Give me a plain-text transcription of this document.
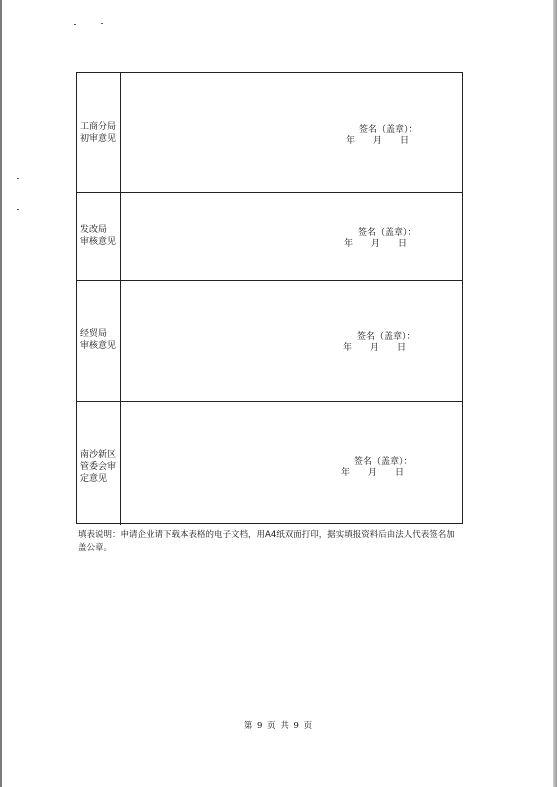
工商分局
初审意见
签名（盖章）：
年　　月　　日
发改局
审核意见
签名（盖章）：
年　　月　　日
经贸局
审核意见
签名（盖章）：
年　　月　　日
南沙新区
管委会审
定意见
签名（盖章）：
年　　月　　日
填表说明：申请企业请下载本表格的电子文档，用A4纸双面打印，据实填报资料后由法人代表签名加盖公章。
第 9 页 共 9 页
